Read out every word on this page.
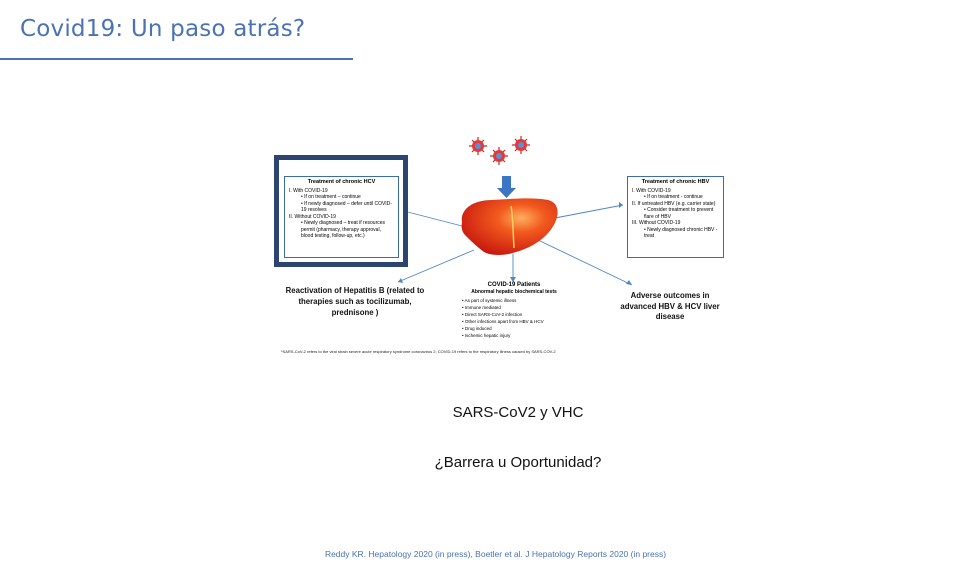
Covid19: Un paso atrás?
Treatment of chronic HCV
I. With COVID-19
• If on treatment – continue
• If newly diagnosed – defer until COVID-19 resolves
II. Without COVID-19
• Newly diagnosed – treat if resources permit (pharmacy, therapy approval, blood testing, follow-up, etc.)
Treatment of chronic HBV
I. With COVID-19
• If on treatment - continue
II. If untreated HBV (e.g. carrier state)
• Consider treatment to prevent flare of HBV
III. Without COVID-19
• Newly diagnosed chronic HBV - treat
Reactivation of Hepatitis B (related to therapies such as tocilizumab, prednisone )
Adverse outcomes in advanced HBV & HCV liver disease
COVID-19 Patients
Abnormal hepatic biochemical tests
• As part of systemic illness
• Immune mediated
• Direct SARS-CoV-2 infection
• Other infections apart from HBV & HCV
• Drug induced
• Ischemic hepatic injury
*SARS-CoV-2 refers to the viral strain severe acute respiratory syndrome coronavirus 2; COVID-19 refers to the respiratory illness caused by SARS-COV-2
SARS-CoV2 y VHC
¿Barrera u Oportunidad?
Reddy KR. Hepatology 2020 (in press), Boetler et al. J Hepatology Reports 2020 (in press)
